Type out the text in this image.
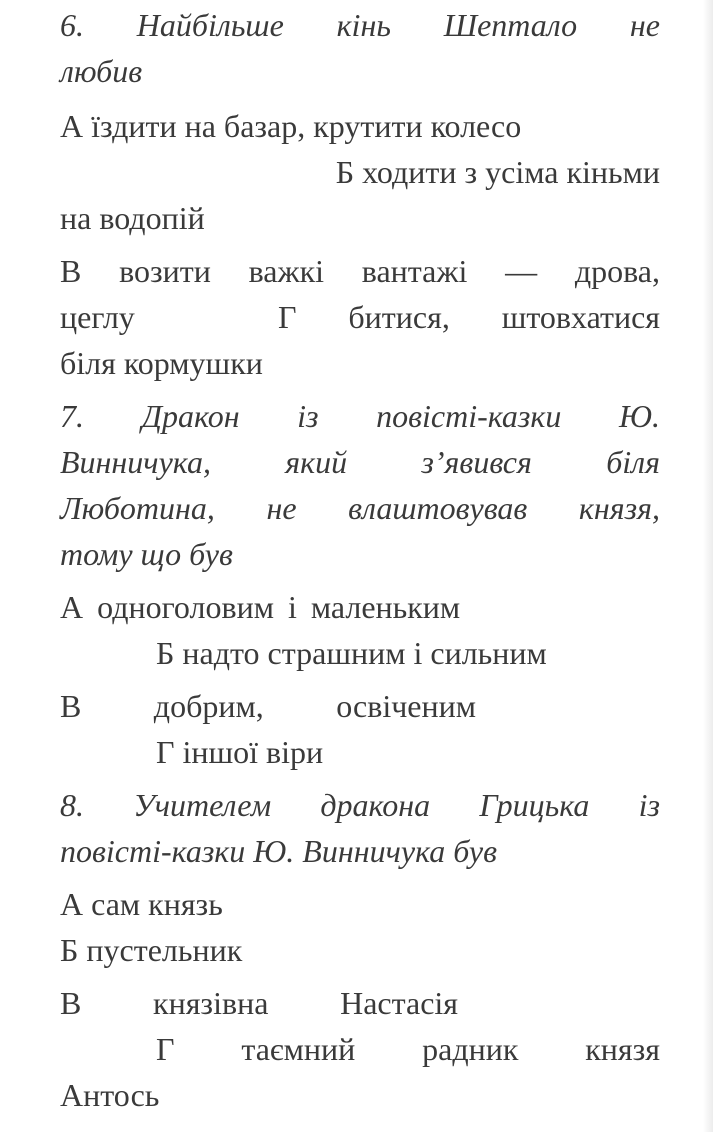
6. Найбільше кінь Шептало не
любив
А їздити на базар, крутити колесо
Б ходити з усіма кіньми
на водопій
В возити важкі вантажі — дрова,
цеглу	Г битися, штовхатися
біля кормушки
7. Дракон із повісті-казки Ю.
Винничука, який з’явився біля
Любoтина, не влаштовував князя,
тому що був
А одноголовим і маленьким
Б надто страшним і сильним
В добрим, освіченим
Г іншої віри
8. Учителем дракона Грицька із
повісті-казки Ю. Винничука був
А сам князь
Б пустельник
В князівна Настасія
Г таємний радник князя
Антось
